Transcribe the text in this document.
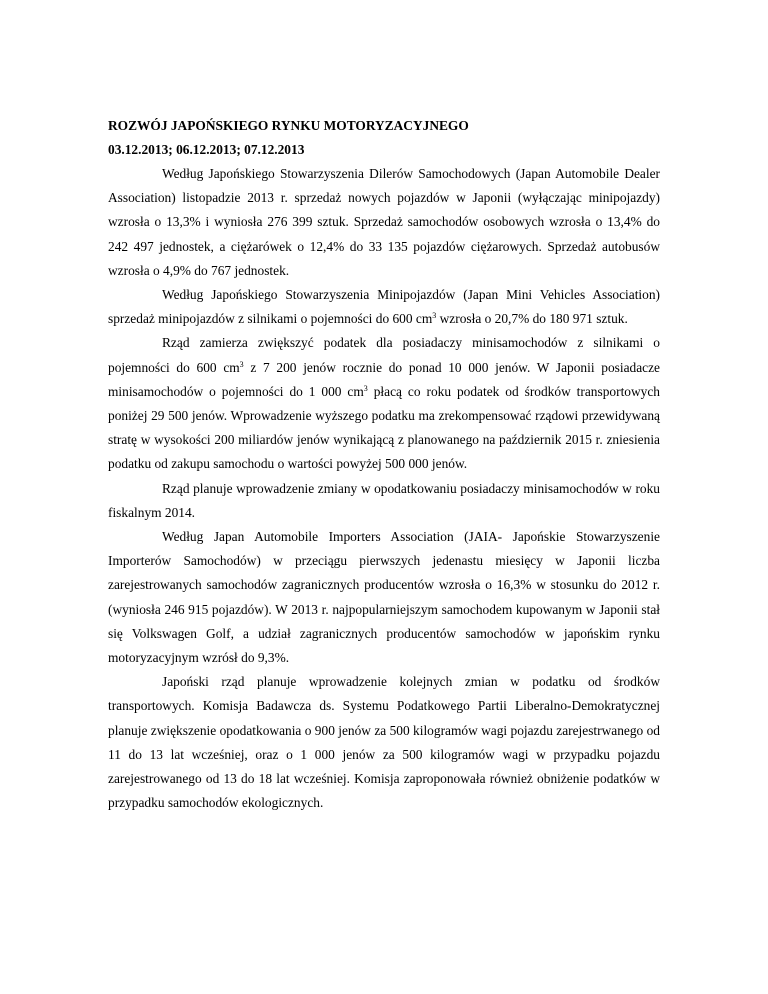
ROZWÓJ JAPOŃSKIEGO RYNKU MOTORYZACYJNEGO

03.12.2013; 06.12.2013; 07.12.2013

Według Japońskiego Stowarzyszenia Dilerów Samochodowych (Japan Automobile Dealer Association) listopadzie 2013 r. sprzedaż nowych pojazdów w Japonii (wyłączając minipojazdy) wzrosła o 13,3% i wyniosła 276 399 sztuk. Sprzedaż samochodów osobowych wzrosła o 13,4% do 242 497 jednostek, a ciężarówek o 12,4% do 33 135 pojazdów ciężarowych. Sprzedaż autobusów wzrosła o 4,9% do 767 jednostek.

Według Japońskiego Stowarzyszenia Minipojazdów (Japan Mini Vehicles Association) sprzedaż minipojazdów z silnikami o pojemności do 600 $cm^3$ wzrosła o 20,7% do 180 971 sztuk.

Rząd zamierza zwiększyć podatek dla posiadaczy minisamochodów z silnikami o pojemności do 600 $cm^3$ z 7 200 jenów rocznie do ponad 10 000 jenów. W Japonii posiadacze minisamochodów o pojemności do 1 000 $cm^3$ płacą co roku podatek od środków transportowych poniżej 29 500 jenów. Wprowadzenie wyższego podatku ma zrekompensować rządowi przewidywaną stratę w wysokości 200 miliardów jenów wynikającą z planowanego na październik 2015 r. zniesienia podatku od zakupu samochodu o wartości powyżej 500 000 jenów.

Rząd planuje wprowadzenie zmiany w opodatkowaniu posiadaczy minisamochodów w roku fiskalnym 2014.

Według Japan Automobile Importers Association (JAIA- Japońskie Stowarzyszenie Importerów Samochodów) w przeciągu pierwszych jedenastu miesięcy w Japonii liczba zarejestrowanych samochodów zagranicznych producentów wzrosła o 16,3% w stosunku do 2012 r. (wyniosła 246 915 pojazdów). W 2013 r. najpopularniejszym samochodem kupowanym w Japonii stał się Volkswagen Golf, a udział zagranicznych producentów samochodów w japońskim rynku motoryzacyjnym wzrósł do 9,3%.

Japoński rząd planuje wprowadzenie kolejnych zmian w podatku od środków transportowych. Komisja Badawcza ds. Systemu Podatkowego Partii Liberalno-Demokratycznej planuje zwiększenie opodatkowania o 900 jenów za 500 kilogramów wagi pojazdu zarejestrwanego od 11 do 13 lat wcześniej, oraz o 1 000 jenów za 500 kilogramów wagi w przypadku pojazdu zarejestrowanego od 13 do 18 lat wcześniej. Komisja zaproponowała również obniżenie podatków w przypadku samochodów ekologicznych.
